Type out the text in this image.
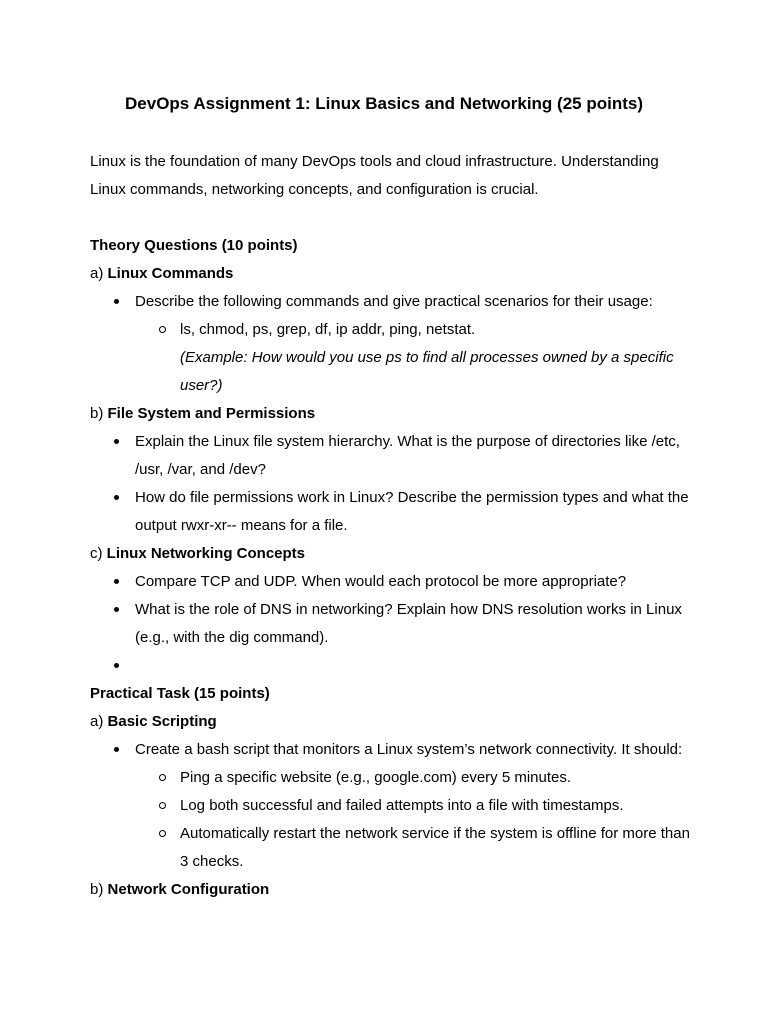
DevOps Assignment 1: Linux Basics and Networking (25 points)

Linux is the foundation of many DevOps tools and cloud infrastructure. Understanding Linux commands, networking concepts, and configuration is crucial.

Theory Questions (10 points)

a) Linux Commands

Describe the following commands and give practical scenarios for their usage:

ls, chmod, ps, grep, df, ip addr, ping, netstat.

(Example: How would you use ps to find all processes owned by a specific user?)

b) File System and Permissions

Explain the Linux file system hierarchy. What is the purpose of directories like /etc, /usr, /var, and /dev?

How do file permissions work in Linux? Describe the permission types and what the output rwxr-xr-- means for a file.

c) Linux Networking Concepts

Compare TCP and UDP. When would each protocol be more appropriate?

What is the role of DNS in networking? Explain how DNS resolution works in Linux (e.g., with the dig command).

Practical Task (15 points)

a) Basic Scripting

Create a bash script that monitors a Linux system’s network connectivity. It should:

Ping a specific website (e.g., google.com) every 5 minutes.

Log both successful and failed attempts into a file with timestamps.

Automatically restart the network service if the system is offline for more than 3 checks.

b) Network Configuration
